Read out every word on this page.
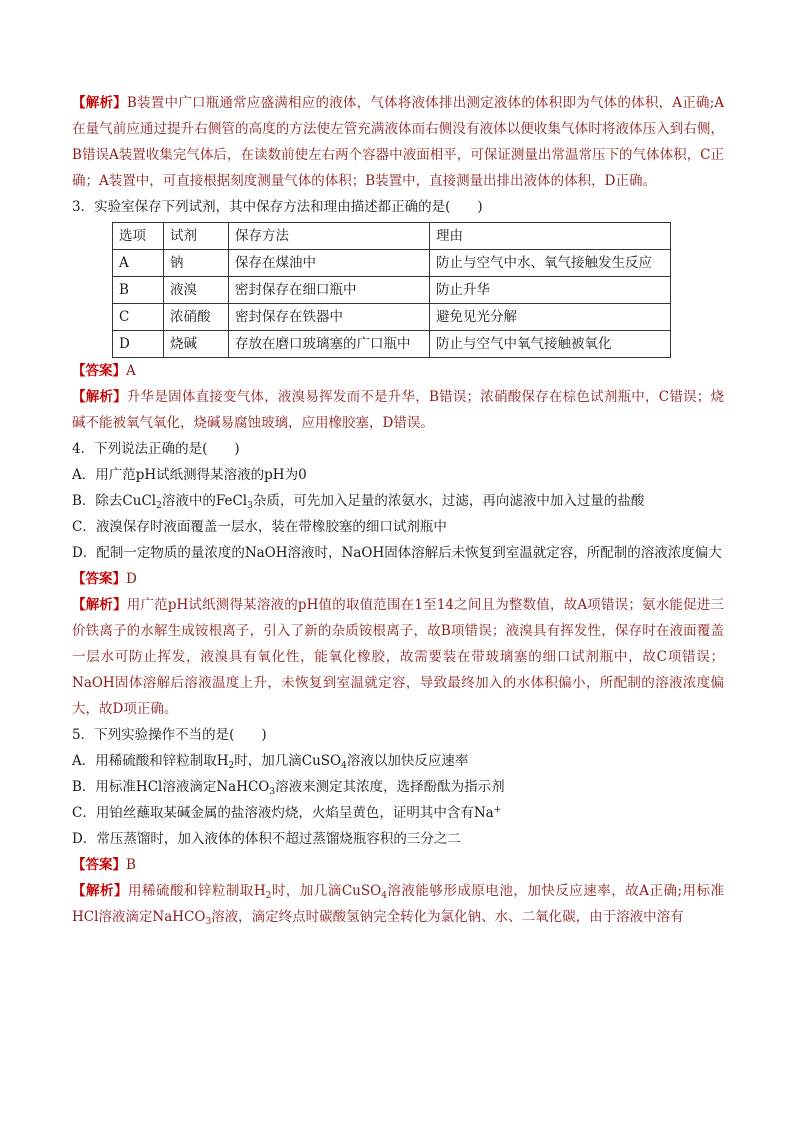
【解析】B装置中广口瓶通常应盛满相应的液体，气体将液体排出测定液体的体积即为气体的体积，A正确;A在量气前应通过提升右侧管的高度的方法使左管充满液体而右侧没有液体以便收集气体时将液体压入到右侧，B错误A装置收集完气体后，在读数前使左右两个容器中液面相平，可保证测量出常温常压下的气体体积，C正确；A装置中，可直接根据刻度测量气体的体积；B装置中，直接测量出排出液体的体积，D正确。

3．实验室保存下列试剂，其中保存方法和理由描述都正确的是(　　)

选项	试剂	保存方法	理由
A	钠	保存在煤油中	防止与空气中水、氧气接触发生反应
B	液溴	密封保存在细口瓶中	防止升华
C	浓硝酸	密封保存在铁器中	避免见光分解
D	烧碱	存放在磨口玻璃塞的广口瓶中	防止与空气中氧气接触被氧化

【答案】A

【解析】升华是固体直接变气体，液溴易挥发而不是升华，B错误；浓硝酸保存在棕色试剂瓶中，C错误；烧碱不能被氧气氧化，烧碱易腐蚀玻璃，应用橡胶塞，D错误。

4．下列说法正确的是(　　)

A．用广范pH试纸测得某溶液的pH为0

B．除去CuCl$_2$溶液中的FeCl$_3$杂质，可先加入足量的浓氨水，过滤，再向滤液中加入过量的盐酸

C．液溴保存时液面覆盖一层水，装在带橡胶塞的细口试剂瓶中

D．配制一定物质的量浓度的NaOH溶液时，NaOH固体溶解后未恢复到室温就定容，所配制的溶液浓度偏大

【答案】D

【解析】用广范pH试纸测得某溶液的pH值的取值范围在1至14之间且为整数值，故A项错误；氨水能促进三价铁离子的水解生成铵根离子，引入了新的杂质铵根离子，故B项错误；液溴具有挥发性，保存时在液面覆盖一层水可防止挥发，液溴具有氧化性，能氧化橡胶，故需要装在带玻璃塞的细口试剂瓶中，故C项错误；NaOH固体溶解后溶液温度上升，未恢复到室温就定容，导致最终加入的水体积偏小，所配制的溶液浓度偏大，故D项正确。

5．下列实验操作不当的是(　　)

A．用稀硫酸和锌粒制取$H_2$时，加几滴CuSO$_4$溶液以加快反应速率

B．用标准HCl溶液滴定NaHCO$_3$溶液来测定其浓度，选择酚酞为指示剂

C．用铂丝蘸取某碱金属的盐溶液灼烧，火焰呈黄色，证明其中含有Na+

D．常压蒸馏时，加入液体的体积不超过蒸馏烧瓶容积的三分之二

【答案】B

【解析】用稀硫酸和锌粒制取$H_2$时，加几滴CuSO$_4$溶液能够形成原电池，加快反应速率，故A正确;用标准HCl溶液滴定NaHCO$_3$溶液，滴定终点时碳酸氢钠完全转化为氯化钠、水、二氧化碳，由于溶液中溶有
